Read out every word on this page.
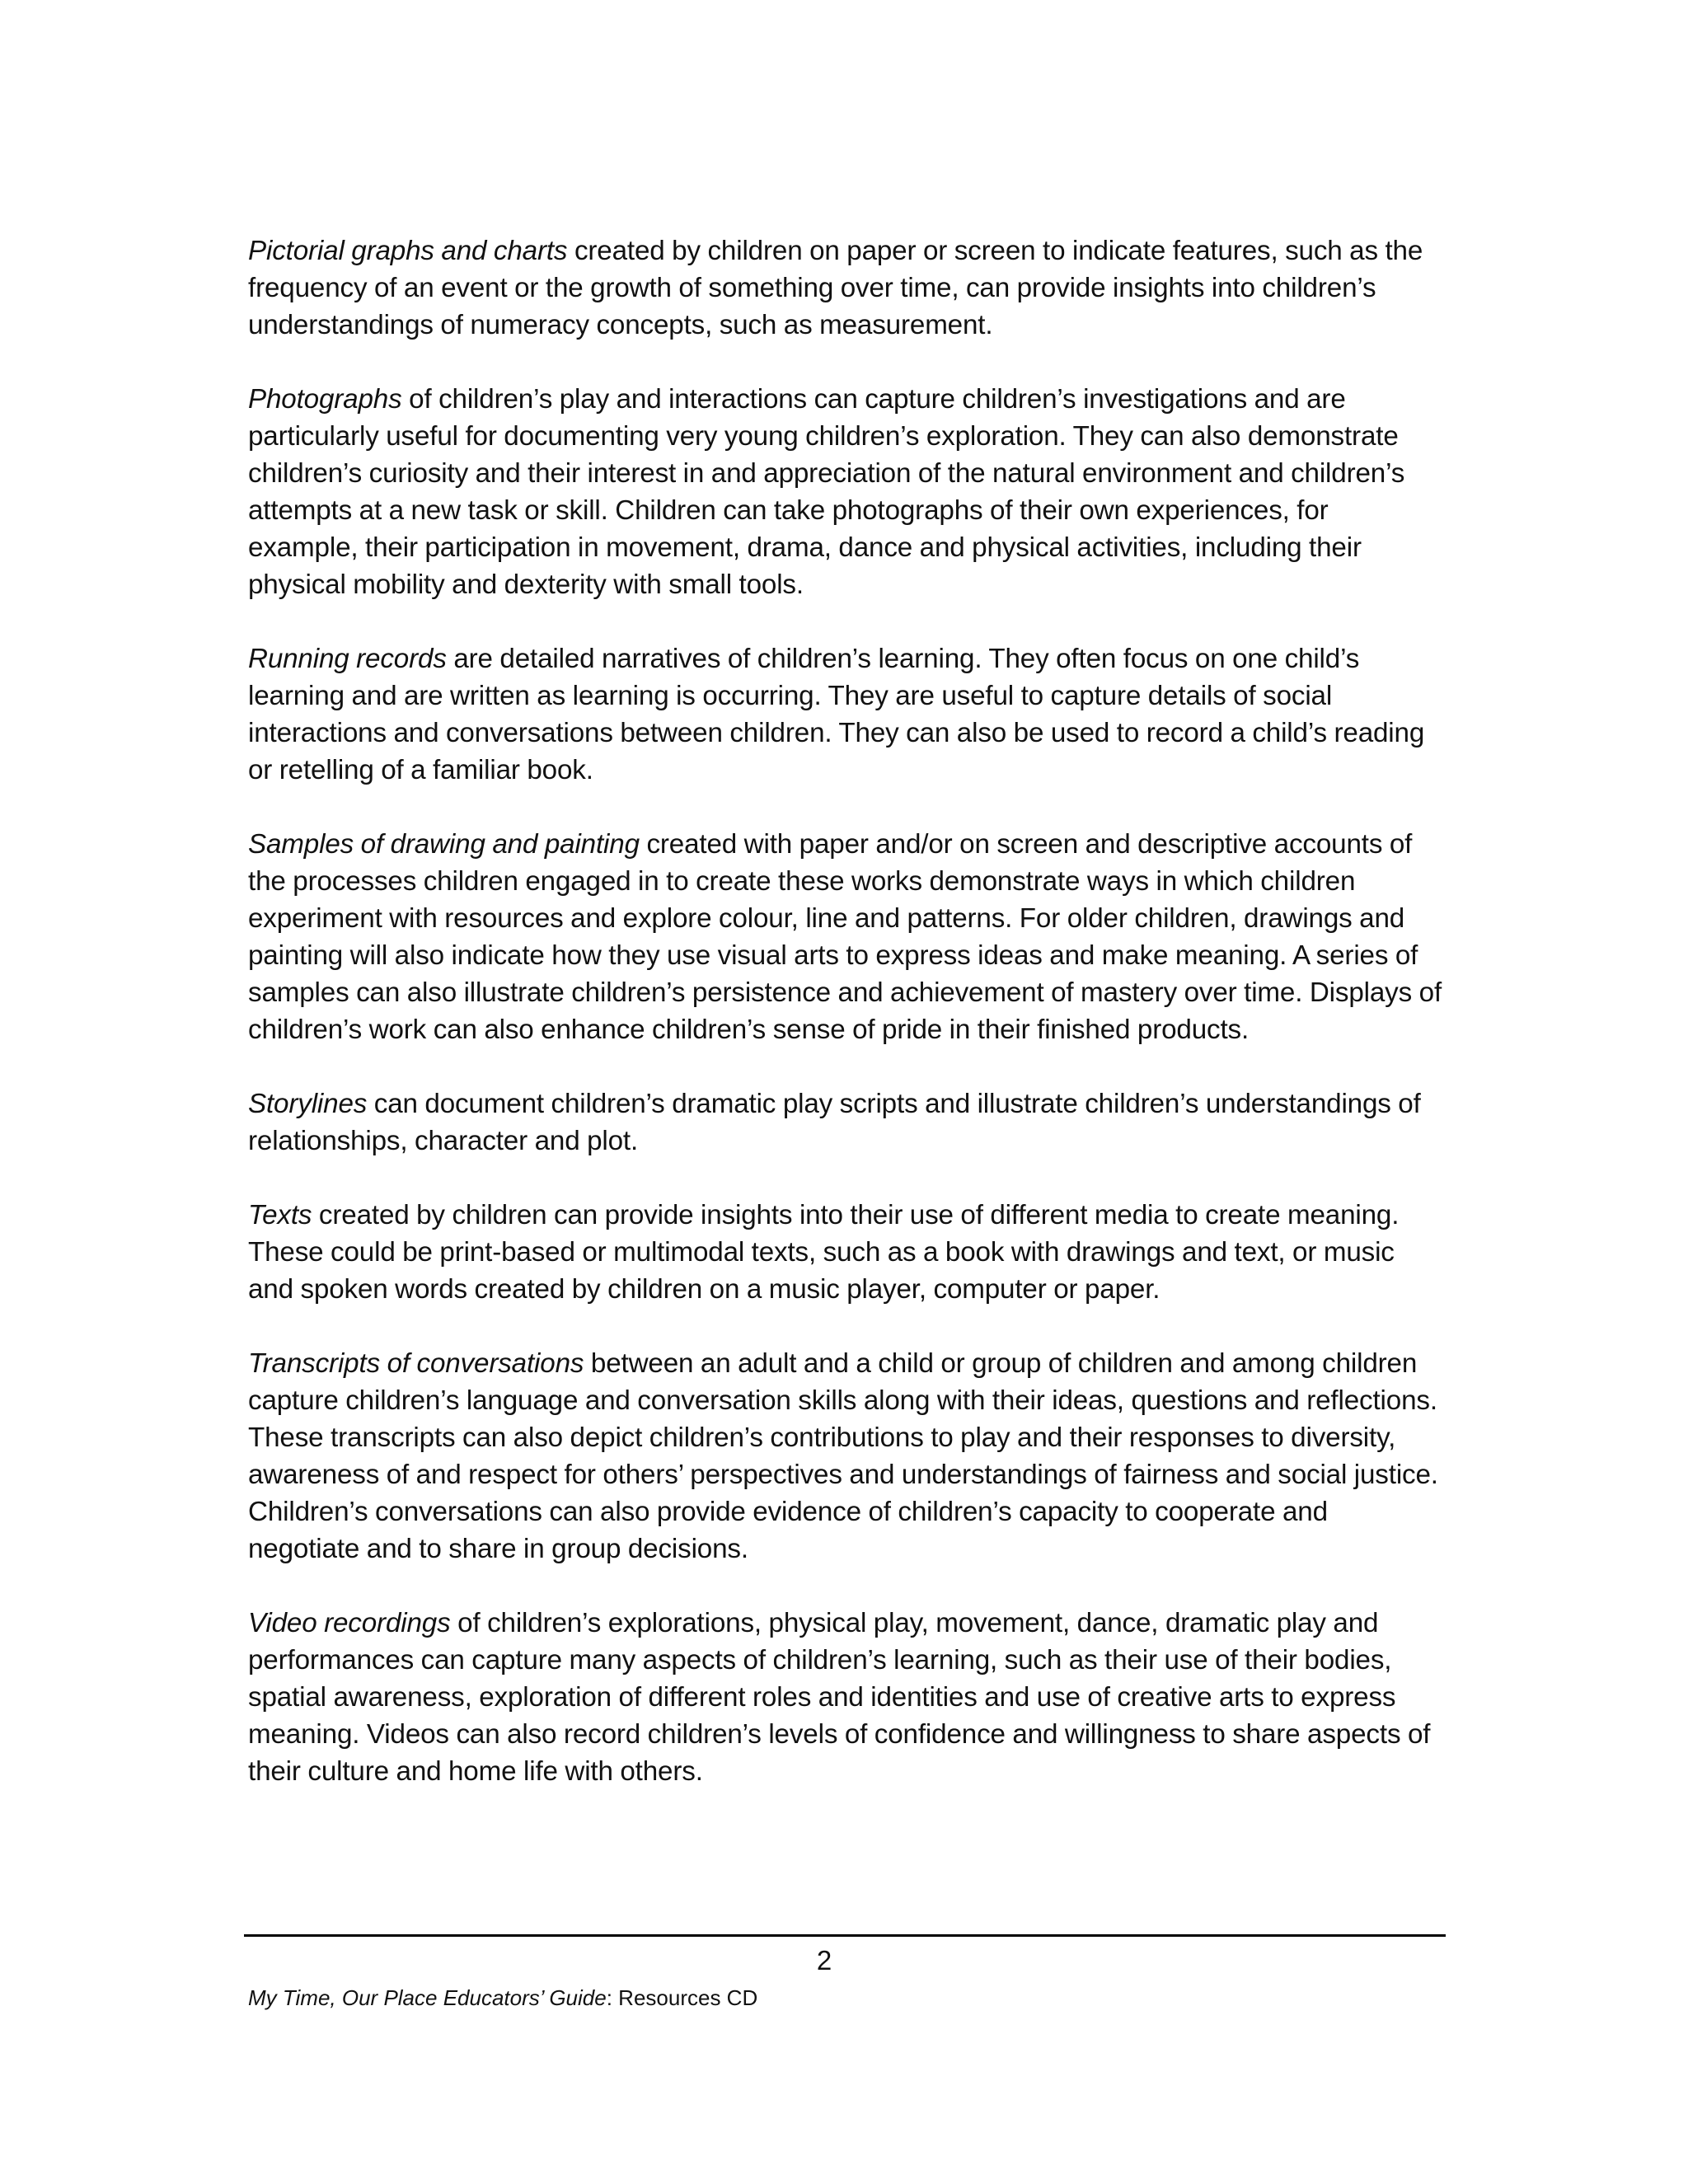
Pictorial graphs and charts created by children on paper or screen to indicate features, such as the frequency of an event or the growth of something over time, can provide insights into children’s understandings of numeracy concepts, such as measurement.

Photographs of children’s play and interactions can capture children’s investigations and are particularly useful for documenting very young children’s exploration. They can also demonstrate children’s curiosity and their interest in and appreciation of the natural environment and children’s attempts at a new task or skill. Children can take photographs of their own experiences, for example, their participation in movement, drama, dance and physical activities, including their physical mobility and dexterity with small tools.

Running records are detailed narratives of children’s learning. They often focus on one child’s learning and are written as learning is occurring. They are useful to capture details of social interactions and conversations between children. They can also be used to record a child’s reading or retelling of a familiar book.

Samples of drawing and painting created with paper and/or on screen and descriptive accounts of the processes children engaged in to create these works demonstrate ways in which children experiment with resources and explore colour, line and patterns. For older children, drawings and painting will also indicate how they use visual arts to express ideas and make meaning. A series of samples can also illustrate children’s persistence and achievement of mastery over time. Displays of children’s work can also enhance children’s sense of pride in their finished products.

Storylines can document children’s dramatic play scripts and illustrate children’s understandings of relationships, character and plot.

Texts created by children can provide insights into their use of different media to create meaning. These could be print-based or multimodal texts, such as a book with drawings and text, or music and spoken words created by children on a music player, computer or paper.

Transcripts of conversations between an adult and a child or group of children and among children capture children’s language and conversation skills along with their ideas, questions and reflections. These transcripts can also depict children’s contributions to play and their responses to diversity, awareness of and respect for others’ perspectives and understandings of fairness and social justice. Children’s conversations can also provide evidence of children’s capacity to cooperate and negotiate and to share in group decisions.

Video recordings of children’s explorations, physical play, movement, dance, dramatic play and performances can capture many aspects of children’s learning, such as their use of their bodies, spatial awareness, exploration of different roles and identities and use of creative arts to express meaning. Videos can also record children’s levels of confidence and willingness to share aspects of their culture and home life with others.

2
My Time, Our Place Educators’ Guide: Resources CD
